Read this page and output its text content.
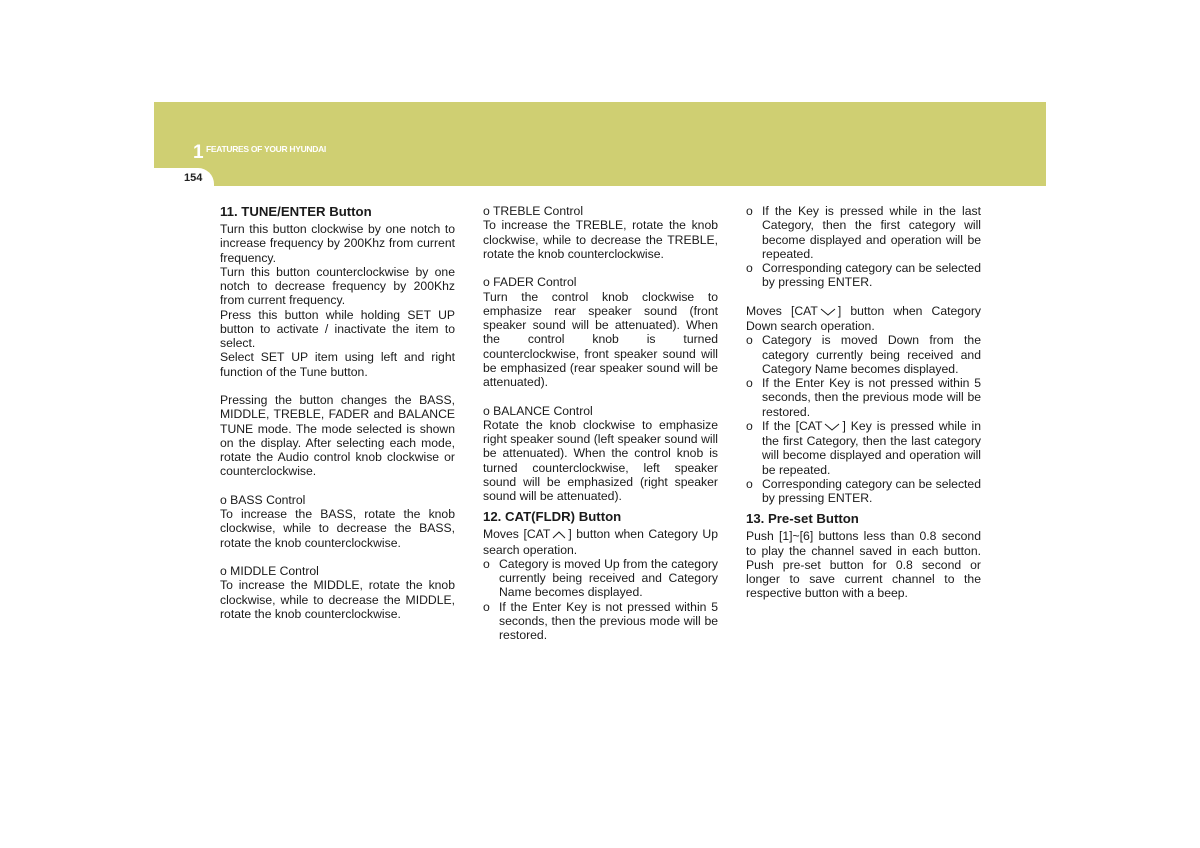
1 FEATURES OF YOUR HYUNDAI
154
11. TUNE/ENTER Button

Turn this button clockwise by one notch to increase frequency by 200Khz from current frequency.

Turn this button counterclockwise by one notch to decrease frequency by 200Khz from current frequency.

Press this button while holding SET UP button to activate / inactivate the item to select.

Select SET UP item using left and right function of the Tune button.

Pressing the button changes the BASS, MIDDLE, TREBLE, FADER and BALANCE TUNE mode. The mode selected is shown on the display. After selecting each mode, rotate the Audio control knob clockwise or counterclockwise.

o BASS Control

To increase the BASS, rotate the knob clockwise, while to decrease the BASS, rotate the knob counterclockwise.

o MIDDLE Control

To increase the MIDDLE, rotate the knob clockwise, while to decrease the MIDDLE, rotate the knob counterclockwise.

o TREBLE Control

To increase the TREBLE, rotate the knob clockwise, while to decrease the TREBLE, rotate the knob counterclockwise.

o FADER Control

Turn the control knob clockwise to emphasize rear speaker sound (front speaker sound will be attenuated). When the control knob is turned counterclockwise, front speaker sound will be emphasized (rear speaker sound will be attenuated).

o BALANCE Control

Rotate the knob clockwise to emphasize right speaker sound (left speaker sound will be attenuated). When the control knob is turned counterclockwise, left speaker sound will be emphasized (right speaker sound will be attenuated).

12. CAT(FLDR) Button

Moves [CAT ] button when Category Up search operation.

o Category is moved Up from the category currently being received and Category Name becomes displayed.
o If the Enter Key is not pressed within 5 seconds, then the previous mode will be restored.
o If the Key is pressed while in the last Category, then the first category will become displayed and operation will be repeated.
o Corresponding category can be selected by pressing ENTER.

Moves [CAT ] button when Category Down search operation.

o Category is moved Down from the category currently being received and Category Name becomes displayed.
o If the Enter Key is not pressed within 5 seconds, then the previous mode will be restored.
o If the [CAT ] Key is pressed while in the first Category, then the last category will become displayed and operation will be repeated.
o Corresponding category can be selected by pressing ENTER.
13. Pre-set Button

Push [1]~[6] buttons less than 0.8 second to play the channel saved in each button. Push pre-set button for 0.8 second or longer to save current channel to the respective button with a beep.
